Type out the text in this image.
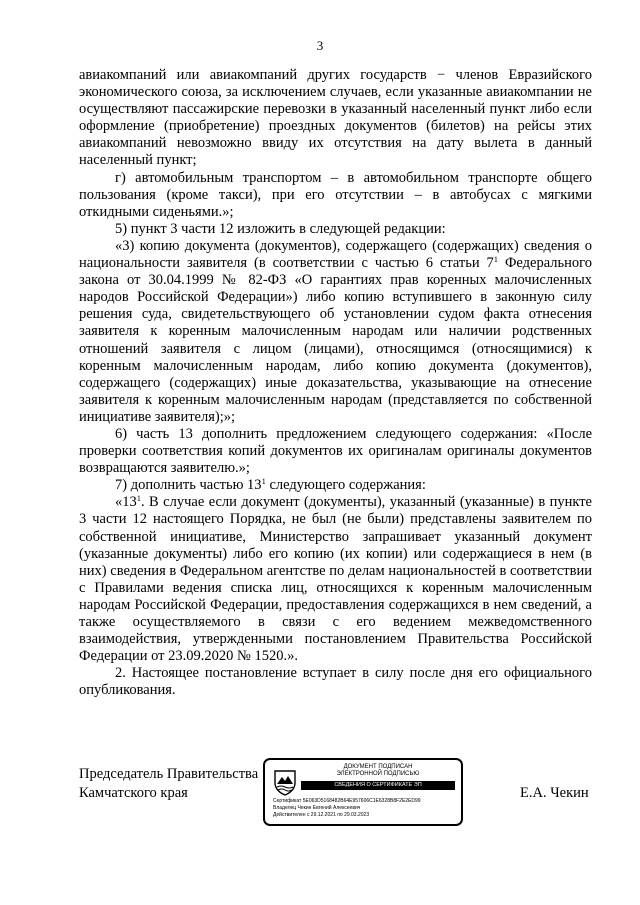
3

авиакомпаний или авиакомпаний других государств − членов Евразийского экономического союза, за исключением случаев, если указанные авиакомпании не осуществляют пассажирские перевозки в указанный населенный пункт либо если оформление (приобретение) проездных документов (билетов) на рейсы этих авиакомпаний невозможно ввиду их отсутствия на дату вылета в данный населенный пункт;

г) автомобильным транспортом – в автомобильном транспорте общего пользования (кроме такси), при его отсутствии – в автобусах с мягкими откидными сиденьями.»;

5) пункт 3 части 12 изложить в следующей редакции:

«3) копию документа (документов), содержащего (содержащих) сведения о национальности заявителя (в соответствии с частью 6 статьи $7^1$ Федерального закона от 30.04.1999 № 82-ФЗ «О гарантиях прав коренных малочисленных народов Российской Федерации») либо копию вступившего в законную силу решения суда, свидетельствующего об установлении судом факта отнесения заявителя к коренным малочисленным народам или наличии родственных отношений заявителя с лицом (лицами), относящимся (относящимися) к коренным малочисленным народам, либо копию документа (документов), содержащего (содержащих) иные доказательства, указывающие на отнесение заявителя к коренным малочисленным народам (представляется по собственной инициативе заявителя);»;

6) часть 13 дополнить предложением следующего содержания: «После проверки соответствия копий документов их оригиналам оригиналы документов возвращаются заявителю.»;

7) дополнить частью $13^1$ следующего содержания:

«$13^1$. В случае если документ (документы), указанный (указанные) в пункте 3 части 12 настоящего Порядка, не был (не были) представлены заявителем по собственной инициативе, Министерство запрашивает указанный документ (указанные документы) либо его копию (их копии) или содержащиеся в нем (в них) сведения в Федеральном агентстве по делам национальностей в соответствии с Правилами ведения списка лиц, относящихся к коренным малочисленным народам Российской Федерации, предоставления содержащихся в нем сведений, а также осуществляемого в связи с его ведением межведомственного взаимодействия, утвержденными постановлением Правительства Российской Федерации от 23.09.2020 № 1520.».

2. Настоящее постановление вступает в силу после дня его официального опубликования.

Председатель Правительства
Камчатского края
ДОКУМЕНТ ПОДПИСАН
ЭЛЕКТРОННОЙ ПОДПИСЬЮ
СВЕДЕНИЯ О СЕРТИФИКАТЕ ЭП
Сертификат 5E063D5168482B64E957606C1E6328B8F2E2ED99
Владелец Чекин Евгений Алексеевич
Действителен с 29.12.2021 по 29.03.2023
Е.А. Чекин
